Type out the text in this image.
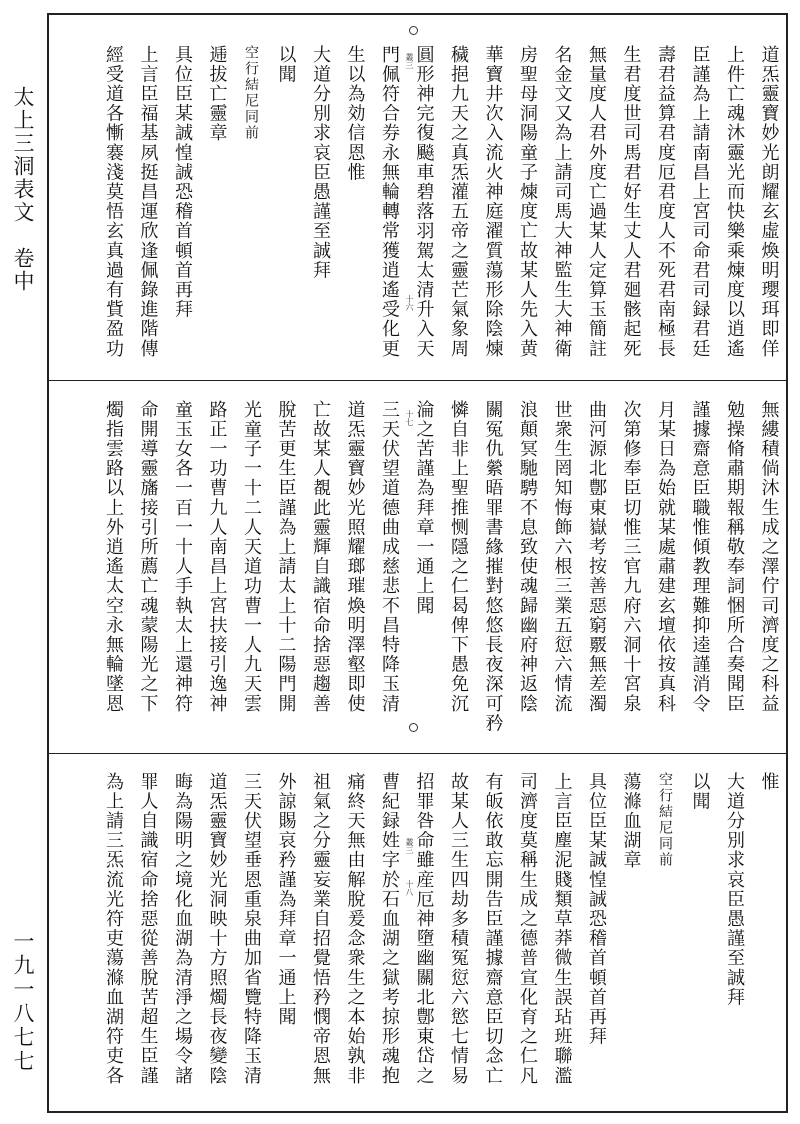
太上三洞表文　卷中
一九一八七七
十六
叢三	道炁靈寶妙光朗耀玄虛煥明瓔珥即佯
上件亡魂沐靈光而快樂乘煉度以逍遙
臣謹為上請南昌上宮司命君司録君廷
壽君益算君度厄君度人不死君南極長
生君度世司馬君好生丈人君廻骸起死
無量度人君外度亡過某人定算玉簡註
名金文又為上請司馬大神監生大神衛
房聖母洞陽童子煉度亡故某人先入黄
華寶井次入流火神庭濯質蕩形除陰煉
穢挹九天之真炁灌五帝之靈芒氣象周
圓形神完復飈車碧落羽駕太清升入天
門佩符合券永無輪轉常獲逍遙受化更
生以為効信恩惟
大道分別求哀臣愚謹至誠拜
以聞
空行結尼同前
逓拔亡靈章
具位臣某誠惶誠恐稽首頓首再拜
上言臣福基夙挺昌運欣逢佩錄進階傳
經受道各慚褰淺莫悟玄真過有貲盈功
十七	無縷積倘沐生成之澤佇司濟度之科益
勉操脩肅期報稱敬奉詞悃所合奏聞臣
謹據齋意臣職惟傾教理難抑逵謹消令
月某日為始就某處肅建玄壇依按真科
次第修奉臣切惟三官九府六洞十宮泉
曲河源北鄷東嶽考按善惡窮覈無差濁
世衆生罔知悔飾六根三業五愆六情流
浪顛冥馳騁不息致使魂歸幽府神返陰
關冤仇縈晤罪書緣摧對悠悠長夜深可矜
憐自非上聖推恻隱之仁曷俾下愚免沉
淪之苦謹為拜章一通上聞
三天伏望道德曲成慈悲不昌特降玉清
道炁靈寶妙光照耀瑯璀煥明澤壑即使
亡故某人覩此靈輝自識宿命捨惡趨善
脫苦更生臣謹為上請太上十二陽門開
光童子一十二人天道功曹一人九天雲
路正一功曹九人南昌上宮扶接引逸神
童玉女各一百一十人手執太上還神符
命開導靈旛接引所薦亡魂蒙陽光之下
燭指雲路以上外逍遙太空永無輪墜恩
十八
叢三
惟
大道分別求哀臣愚謹至誠拜
以聞
空行結尼同前
蕩滌血湖章
具位臣某誠惶誠恐稽首頓首再拜
上言臣塵泥賤類草莽微生誤玷班聯濫
司濟度莫稱生成之德普宣化育之仁凡
有皈依敢忘開告臣謹據齋意臣切念亡
故某人三生四劫多積冤愆六慾七情易
招罪咎命雖産厄神墮幽關北鄷東岱之
曹紀録姓字於石血湖之獄考掠形魂抱
痛終天無由解脫爰念衆生之本始孰非
祖氣之分靈妄業自招覺悟矜憫帝恩無
外諒賜哀矜謹為拜章一通上聞
三天伏望垂恩重泉曲加省覽特降玉清
道炁靈寶妙光洞映十方照燭長夜變陰
晦為陽明之境化血湖為清淨之場令諸
罪人自識宿命捨惡從善脫苦超生臣謹
為上請三炁流光符吏蕩滌血湖符吏各
